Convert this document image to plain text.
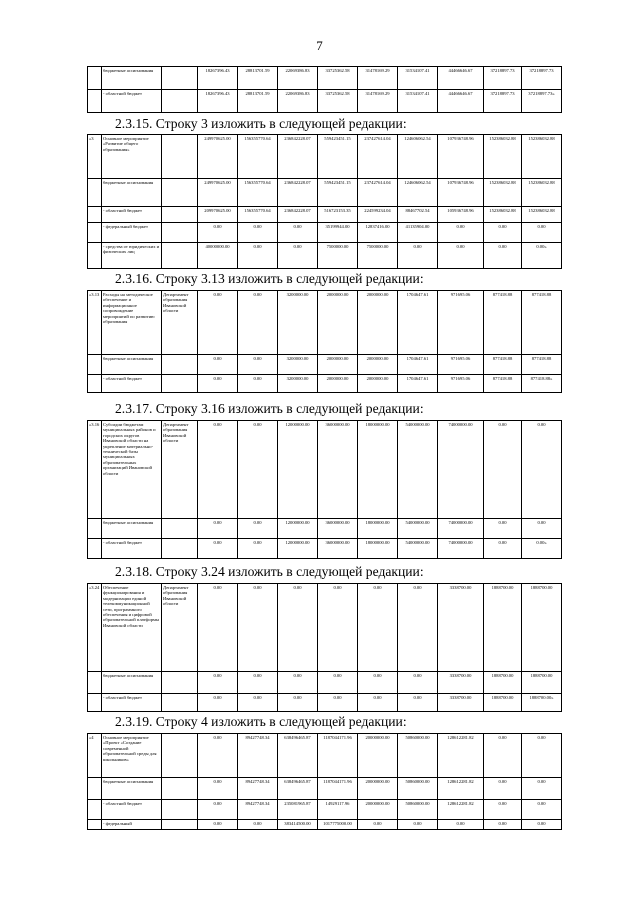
7
	бюджетные ассигнования		18267396.43	28813701.59	22069386.83	33725362.58	31478169.29	31534107.41	44466646.67	37218897.73	37218897.73
	- областной бюджет		18267396.43	28813701.59	22069386.83	33725362.58	31478169.29	31534107.41	44466646.67	37218897.73	37218897.73»
2.3.15. Строку 3 изложить в следующей редакции:
«3	Основное мероприятие «Развитие общего образования»		249970625.00	156355770.64	236842228.07	559423451.15	237427614.04	124606062.54	107936748.96	152386032.88	152386032.88
	бюджетные ассигнования		249970625.00	156355770.64	236842228.07	559423451.15	237427614.04	124606062.54	107936748.96	152386032.88	152386032.88
	- областной бюджет		209970625.00	156355770.64	236842228.07	516723153.35	224599234.04	88467702.54	105936748.96	152386032.88	152386032.88
	- федеральный бюджет		0.00	0.00	0.00	35199944.00	12837416.00	41135904.00	0.00	0.00	0.00
	- средства от юридических и физических лиц		40000000.00	0.00	0.00	7500000.00	7500000.00	0.00	0.00	0.00	0.00»
2.3.16. Строку 3.13 изложить в следующей редакции:
«3.13	Расходы на методическое обеспечение и информационное сопровождение мероприятий по развитию образования	Департамент образования Ивановской области	0.00	0.00	3200000.00	2000000.00	2000000.00	1704647.61	971695.06	877418.88	877418.88
	бюджетные ассигнования		0.00	0.00	3200000.00	2000000.00	2000000.00	1704647.61	971695.06	877418.88	877418.88
	- областной бюджет		0.00	0.00	3200000.00	2000000.00	2000000.00	1704647.61	971695.06	877418.88	877418.88»
2.3.17. Строку 3.16 изложить в следующей редакции:
«3.16	Субсидии бюджетам муниципальных районов и городских округов Ивановской области на укрепление материально-технической базы муниципальных образовательных организаций Ивановской области	Департамент образования Ивановской области	0.00	0.00	12000000.00	36000000.00	18000000.00	54000000.00	74000000.00	0.00	0.00
	бюджетные ассигнования		0.00	0.00	12000000.00	36000000.00	18000000.00	54000000.00	74000000.00	0.00	0.00
	- областной бюджет		0.00	0.00	12000000.00	36000000.00	18000000.00	54000000.00	74000000.00	0.00	0.00»
2.3.18. Строку 3.24 изложить в следующей редакции:
«3.24	Обеспечение функционирования и модернизации единой телекоммуникационной сети, программного обеспечения и цифровой образовательной платформы Ивановской области	Департамент образования Ивановской области	0.00	0.00	0.00	0.00	0.00	0.00	3338700.00	1888700.00	1888700.00
	бюджетные ассигнования		0.00	0.00	0.00	0.00	0.00	0.00	3338700.00	1888700.00	1888700.00
	- областной бюджет		0.00	0.00	0.00	0.00	0.00	0.00	3338700.00	1888700.00	1888700.00»
2.3.19. Строку 4 изложить в следующей редакции:
«4	Основное мероприятие «Проект «Создание современной образовательной среды для школьников»		0.00	89427748.34	638496465.87	1187044171.96	20000000.00	50860000.00	128612281.82	0.00	0.00
	бюджетные ассигнования		0.00	89427748.34	638496465.87	1187044171.96	20000000.00	50860000.00	128612281.82	0.00	0.00
	- областной бюджет		0.00	89427748.34	235081965.87	14929117.96	20000000.00	50860000.00	128612281.82	0.00	0.00
	- федеральный		0.00	0.00	383414500.00	1017775000.00	0.00	0.00	0.00	0.00	0.00
